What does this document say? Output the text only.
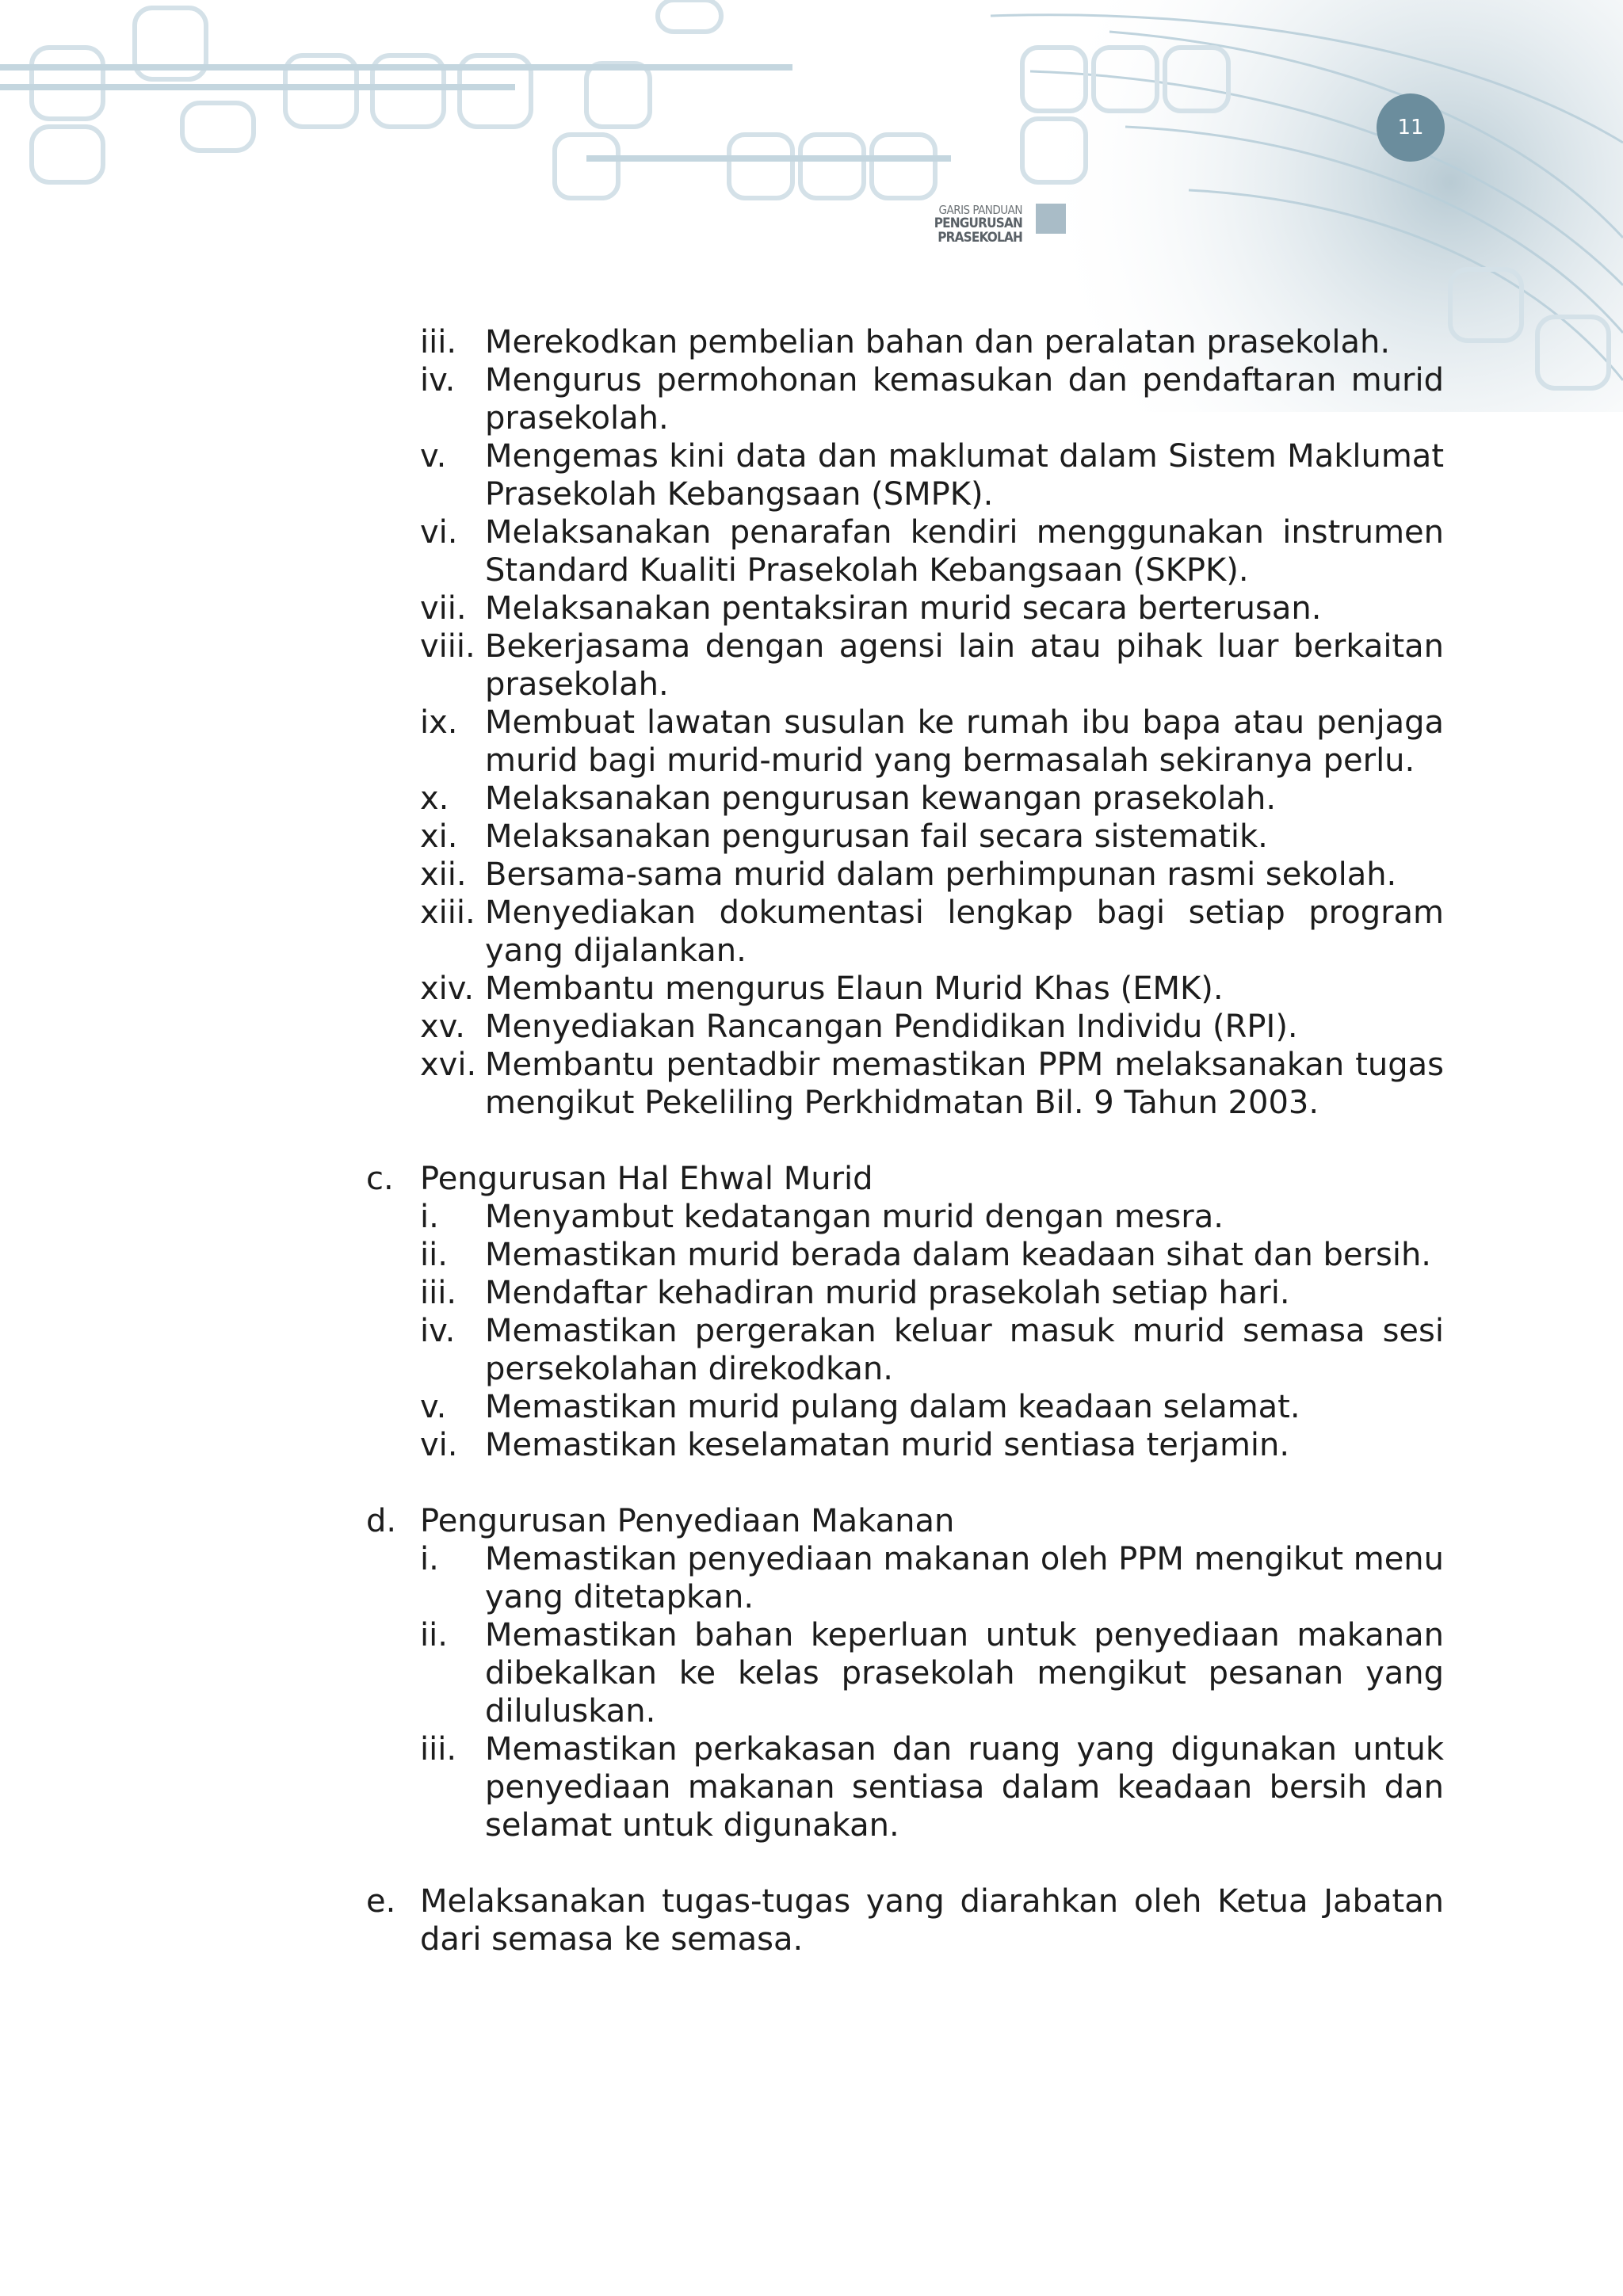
11
GARIS PANDUAN
PENGURUSAN PRASEKOLAH
iii. Merekodkan pembelian bahan dan peralatan prasekolah.
iv. Mengurus permohonan kemasukan dan pendaftaran murid prasekolah.
v.	Mengemas kini data dan maklumat dalam Sistem Maklumat Prasekolah Kebangsaan (SMPK).
vi. Melaksanakan penarafan kendiri menggunakan instrumen Standard Kualiti Prasekolah Kebangsaan (SKPK).
vii. Melaksanakan pentaksiran murid secara berterusan.
viii. Bekerjasama dengan agensi lain atau pihak luar berkaitan prasekolah.
ix. Membuat lawatan susulan ke rumah ibu bapa atau penjaga murid bagi murid-murid yang bermasalah sekiranya perlu.
x.	Melaksanakan pengurusan kewangan prasekolah.
xi. Melaksanakan pengurusan fail secara sistematik.
xii. Bersama-sama murid dalam perhimpunan rasmi sekolah.
xiii. Menyediakan dokumentasi lengkap bagi setiap program yang dijalankan.
xiv. Membantu mengurus Elaun Murid Khas (EMK).
xv. Menyediakan Rancangan Pendidikan Individu (RPI).
xvi. Membantu pentadbir memastikan PPM melaksanakan tugas mengikut Pekeliling Perkhidmatan Bil. 9 Tahun 2003.
c. Pengurusan Hal Ehwal Murid
i.	Menyambut kedatangan murid dengan mesra.
ii.	Memastikan murid berada dalam keadaan sihat dan bersih.
iii. Mendaftar kehadiran murid prasekolah setiap hari.
iv. Memastikan pergerakan keluar masuk murid semasa sesi persekolahan direkodkan.
v.	Memastikan murid pulang dalam keadaan selamat.
vi. Memastikan keselamatan murid sentiasa terjamin.
d. Pengurusan Penyediaan Makanan
i.	Memastikan penyediaan makanan oleh PPM mengikut menu yang ditetapkan.
ii.	Memastikan bahan keperluan untuk penyediaan makanan dibekalkan ke kelas prasekolah mengikut pesanan yang diluluskan.
iii. Memastikan perkakasan dan ruang yang digunakan untuk penyediaan makanan sentiasa dalam keadaan bersih dan selamat untuk digunakan.
e. Melaksanakan tugas-tugas yang diarahkan oleh Ketua Jabatan dari semasa ke semasa.
